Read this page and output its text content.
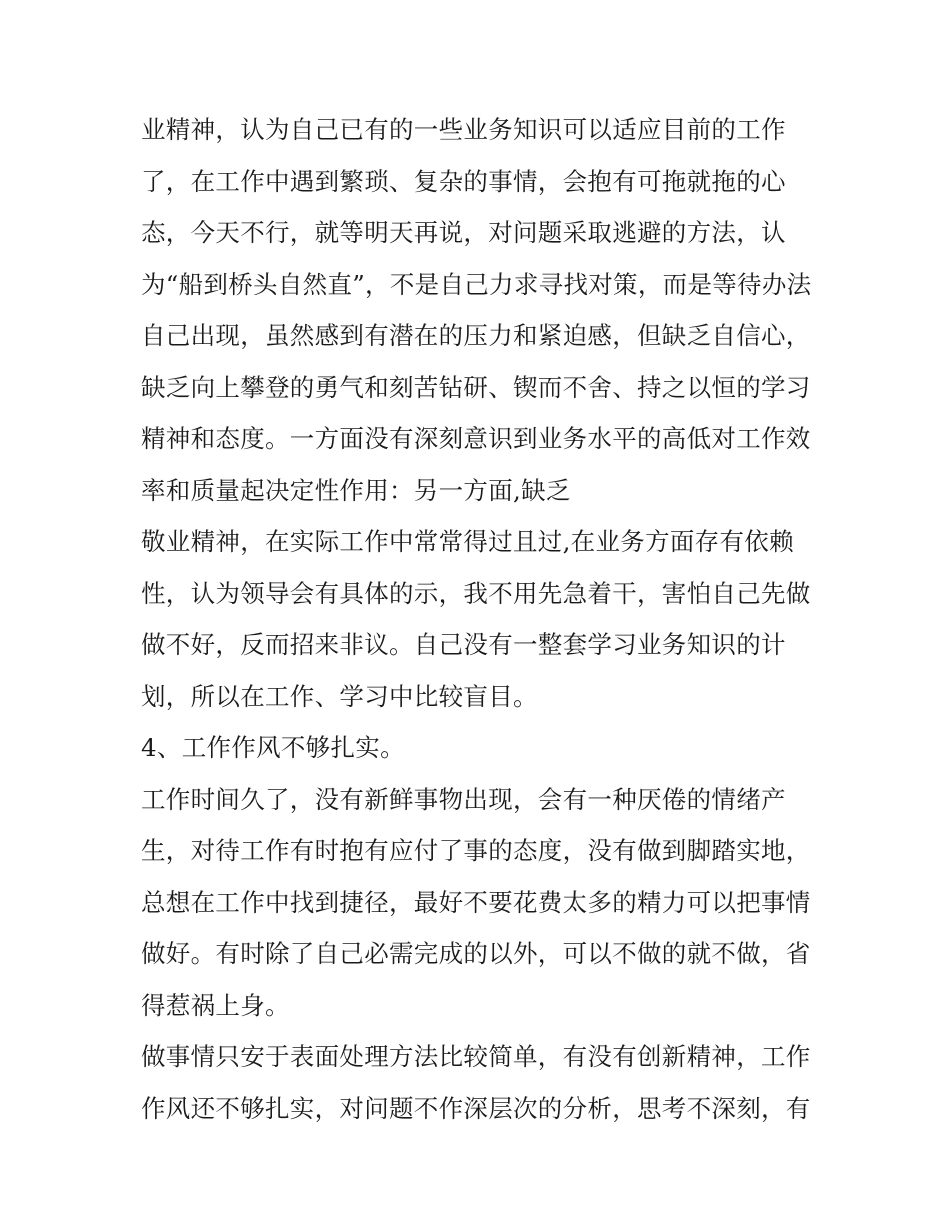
业精神，认为自己已有的一些业务知识可以适应目前的工作
了，在工作中遇到繁琐、复杂的事情，会抱有可拖就拖的心
态，今天不行，就等明天再说，对问题采取逃避的方法，认
为“船到桥头自然直”，不是自己力求寻找对策，而是等待办法
自己出现，虽然感到有潜在的压力和紧迫感，但缺乏自信心，
缺乏向上攀登的勇气和刻苦钻研、锲而不舍、持之以恒的学习
精神和态度。一方面没有深刻意识到业务水平的高低对工作效
率和质量起决定性作用：另一方面,缺乏
敬业精神，在实际工作中常常得过且过,在业务方面存有依赖
性，认为领导会有具体的示，我不用先急着干，害怕自己先做
做不好，反而招来非议。自己没有一整套学习业务知识的计
划，所以在工作、学习中比较盲目。
4、工作作风不够扎实。
工作时间久了，没有新鲜事物出现，会有一种厌倦的情绪产
生，对待工作有时抱有应付了事的态度，没有做到脚踏实地，
总想在工作中找到捷径，最好不要花费太多的精力可以把事情
做好。有时除了自己必需完成的以外，可以不做的就不做，省
得惹祸上身。
做事情只安于表面处理方法比较简单，有没有创新精神，工作
作风还不够扎实，对问题不作深层次的分析，思考不深刻，有
